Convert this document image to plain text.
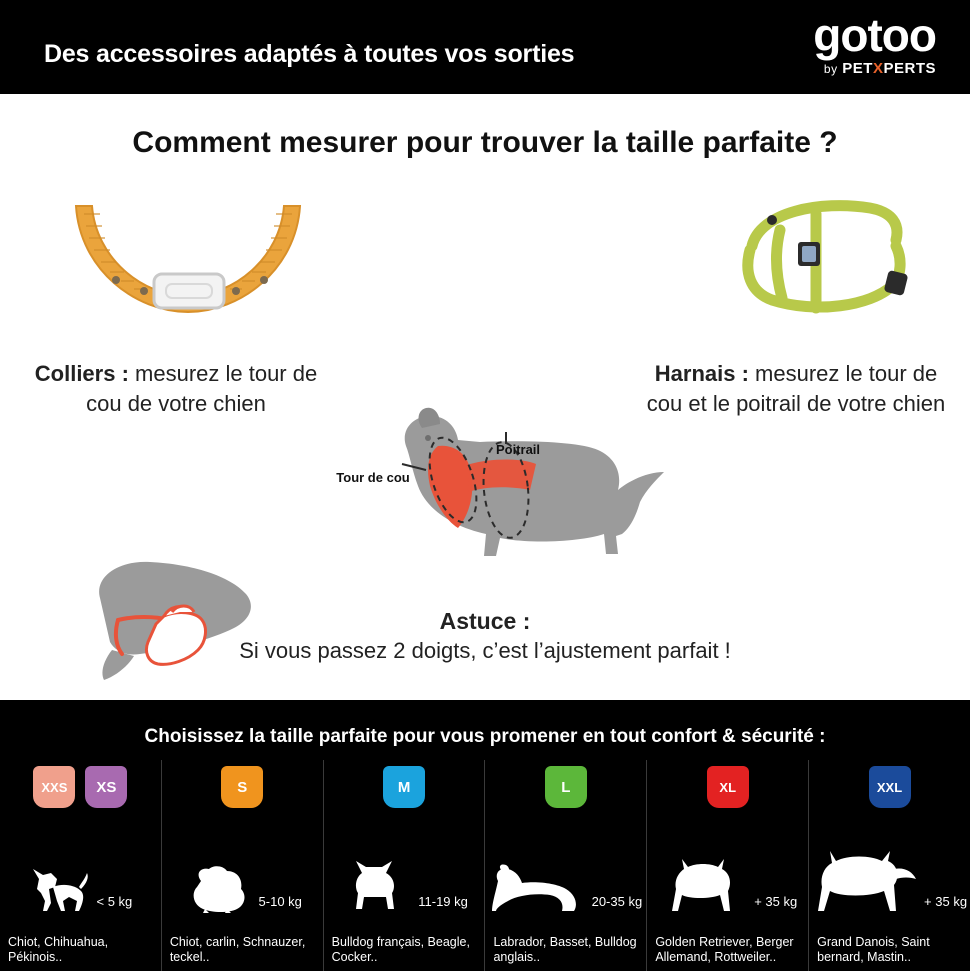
Des accessoires adaptés à toutes vos sorties	gotoo
by PETXPERTS
Comment mesurer pour trouver la taille parfaite ?
Colliers : mesurez le tour de cou de votre chien
Harnais : mesurez le tour de cou et le poitrail de votre chien
Tour de cou
Poitrail
Astuce :
Si vous passez 2 doigts, c’est l’ajustement parfait !
Choisissez la taille parfaite pour vous promener en tout confort & sécurité :
XXS	XS
< 5 kg
Chiot, Chihuahua, Pékinois..
S
5-10 kg
Chiot, carlin, Schnauzer, teckel..
M
11-19 kg
Bulldog français, Beagle, Cocker..
L
20-35 kg
Labrador, Basset, Bulldog anglais..
XL
+ 35 kg
Golden Retriever, Berger Allemand, Rottweiler..
XXL
+ 35 kg
Grand Danois, Saint bernard, Mastin..
